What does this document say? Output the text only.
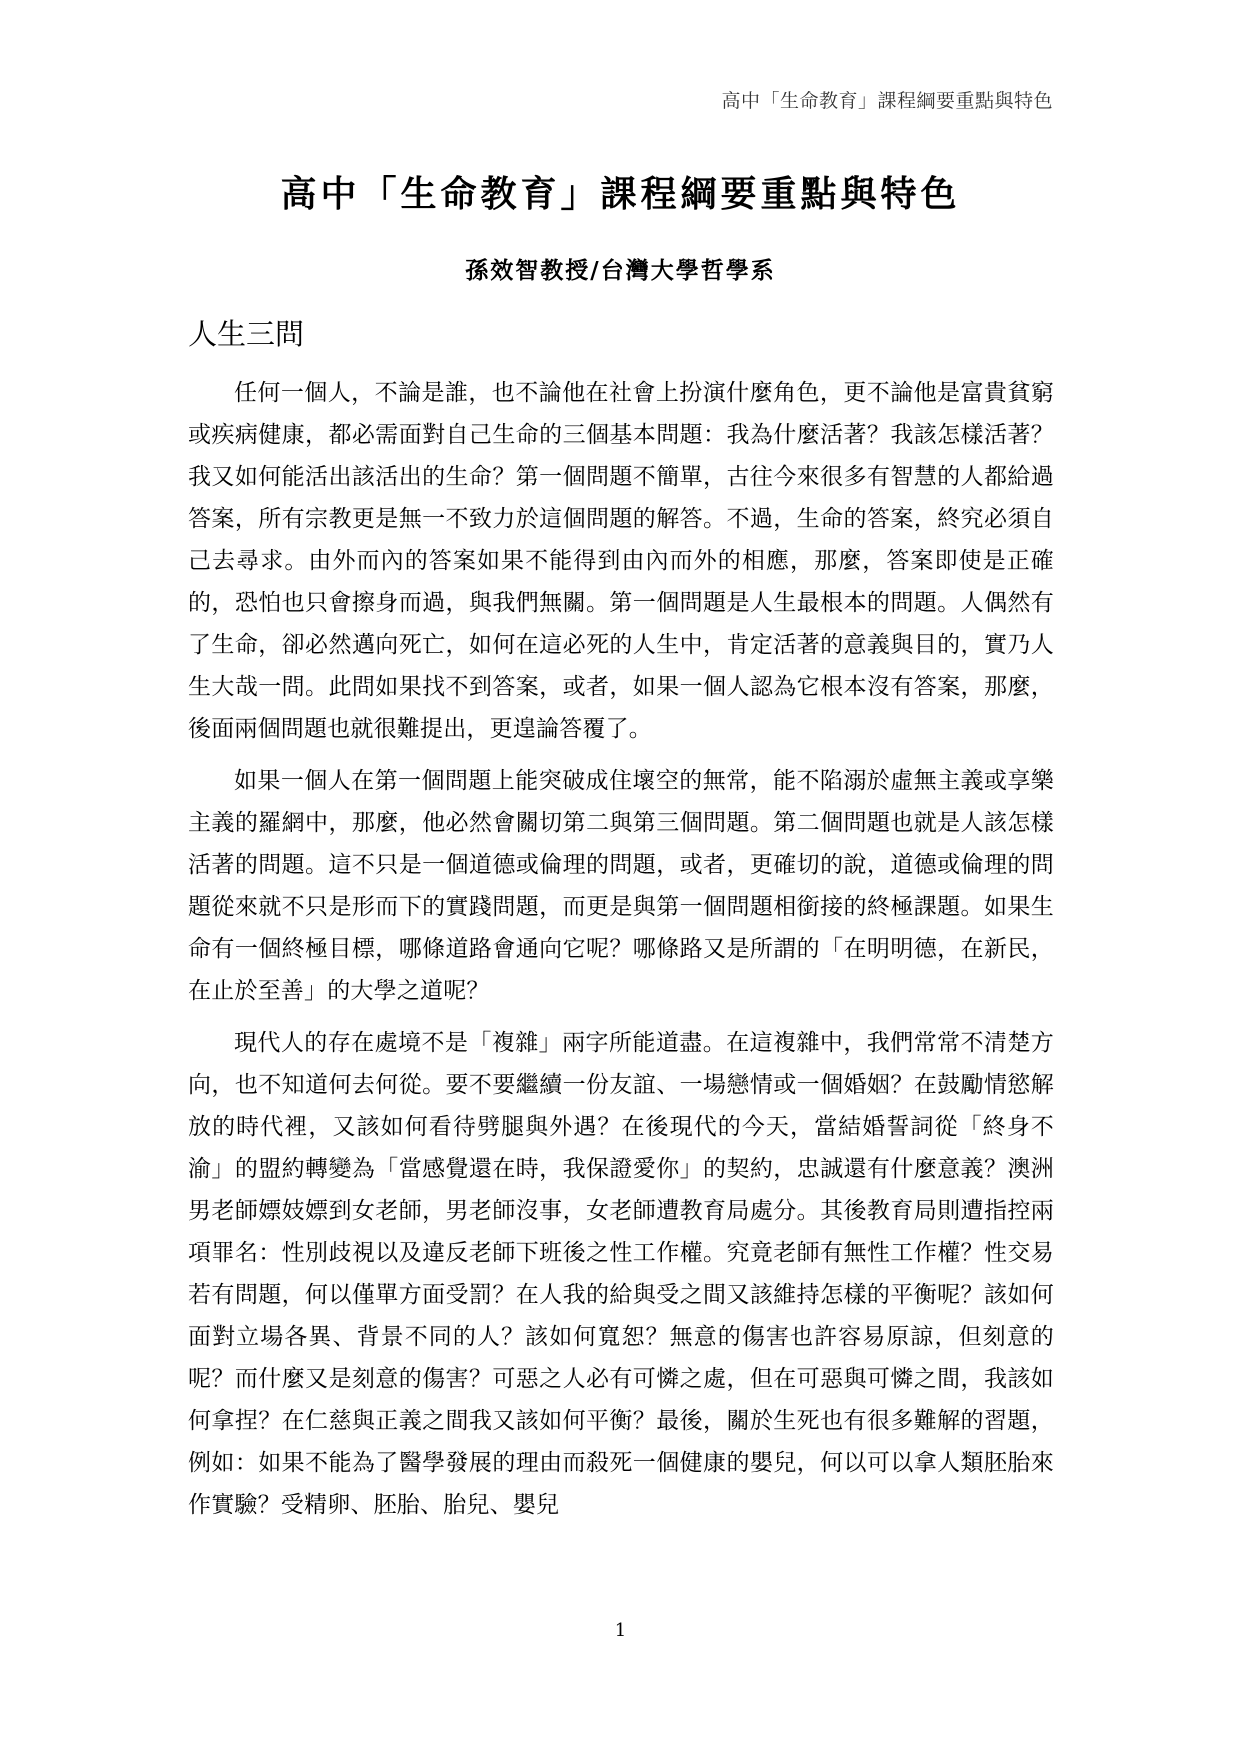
高中「生命教育」課程綱要重點與特色
高中「生命教育」課程綱要重點與特色
孫效智教授/台灣大學哲學系
人生三問

任何一個人，不論是誰，也不論他在社會上扮演什麼角色，更不論他是富貴貧窮或疾病健康，都必需面對自己生命的三個基本問題：我為什麼活著？我該怎樣活著？我又如何能活出該活出的生命？第一個問題不簡單，古往今來很多有智慧的人都給過答案，所有宗教更是無一不致力於這個問題的解答。不過，生命的答案，終究必須自己去尋求。由外而內的答案如果不能得到由內而外的相應，那麼，答案即使是正確的，恐怕也只會擦身而過，與我們無關。第一個問題是人生最根本的問題。人偶然有了生命，卻必然邁向死亡，如何在這必死的人生中，肯定活著的意義與目的，實乃人生大哉一問。此問如果找不到答案，或者，如果一個人認為它根本沒有答案，那麼，後面兩個問題也就很難提出，更遑論答覆了。

如果一個人在第一個問題上能突破成住壞空的無常，能不陷溺於虛無主義或享樂主義的羅網中，那麼，他必然會關切第二與第三個問題。第二個問題也就是人該怎樣活著的問題。這不只是一個道德或倫理的問題，或者，更確切的說，道德或倫理的問題從來就不只是形而下的實踐問題，而更是與第一個問題相銜接的終極課題。如果生命有一個終極目標，哪條道路會通向它呢？哪條路又是所謂的「在明明德，在新民，在止於至善」的大學之道呢？

現代人的存在處境不是「複雜」兩字所能道盡。在這複雜中，我們常常不清楚方向，也不知道何去何從。要不要繼續一份友誼、一場戀情或一個婚姻？在鼓勵情慾解放的時代裡，又該如何看待劈腿與外遇？在後現代的今天，當結婚誓詞從「終身不渝」的盟約轉變為「當感覺還在時，我保證愛你」的契約，忠誠還有什麼意義？澳洲男老師嫖妓嫖到女老師，男老師沒事，女老師遭教育局處分。其後教育局則遭指控兩項罪名：性別歧視以及違反老師下班後之性工作權。究竟老師有無性工作權？性交易若有問題，何以僅單方面受罰？在人我的給與受之間又該維持怎樣的平衡呢？該如何面對立場各異、背景不同的人？該如何寬恕？無意的傷害也許容易原諒，但刻意的呢？而什麼又是刻意的傷害？可惡之人必有可憐之處，但在可惡與可憐之間，我該如何拿捏？在仁慈與正義之間我又該如何平衡？最後，關於生死也有很多難解的習題，例如：如果不能為了醫學發展的理由而殺死一個健康的嬰兒，何以可以拿人類胚胎來作實驗？受精卵、胚胎、胎兒、嬰兒

1
